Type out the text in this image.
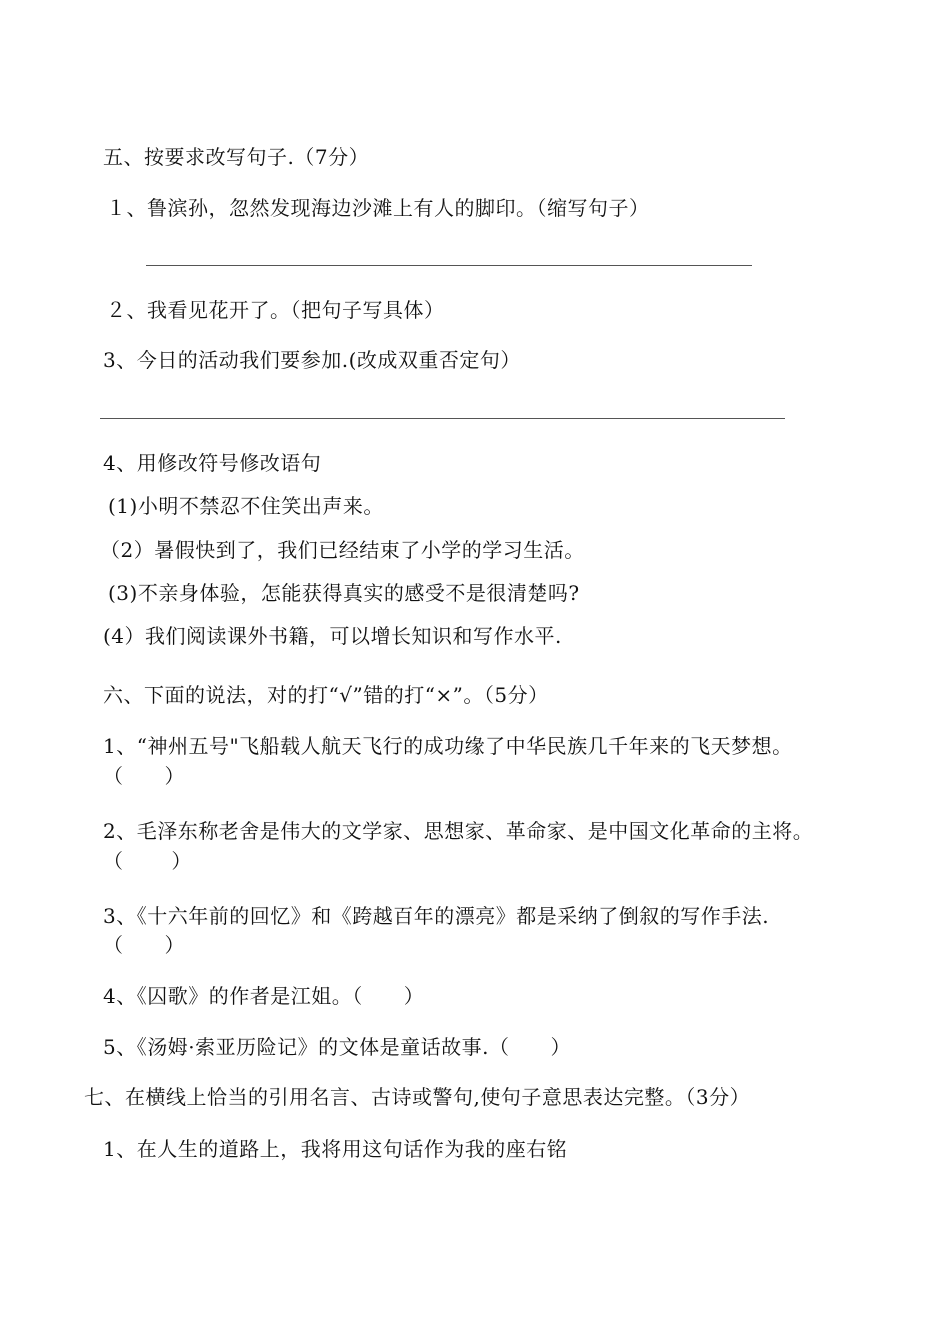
五、按要求改写句子.（7分）
１、鲁滨孙，忽然发现海边沙滩上有人的脚印。（缩写句子）
２、我看见花开了。（把句子写具体）
3、今日的活动我们要参加.(改成双重否定句）
4、用修改符号修改语句
(1)小明不禁忍不住笑出声来。
（2）暑假快到了，我们已经结束了小学的学习生活。
(3)不亲身体验，怎能获得真实的感受不是很清楚吗?
(4）我们阅读课外书籍，可以增长知识和写作水平.
六、下面的说法，对的打“√”错的打“×”。（5分）
1、“神州五号"飞船载人航天飞行的成功缘了中华民族几千年来的飞天梦想。
（　　）
2、毛泽东称老舍是伟大的文学家、思想家、革命家、是中国文化革命的主将。
（　　 ）
3、《十六年前的回忆》和《跨越百年的漂亮》都是采纳了倒叙的写作手法.
（　　）
4、《囚歌》的作者是江姐。（　　）
5、《汤姆·索亚历险记》的文体是童话故事.（　　）
七、在横线上恰当的引用名言、古诗或警句,使句子意思表达完整。（3分）
1、在人生的道路上，我将用这句话作为我的座右铭
